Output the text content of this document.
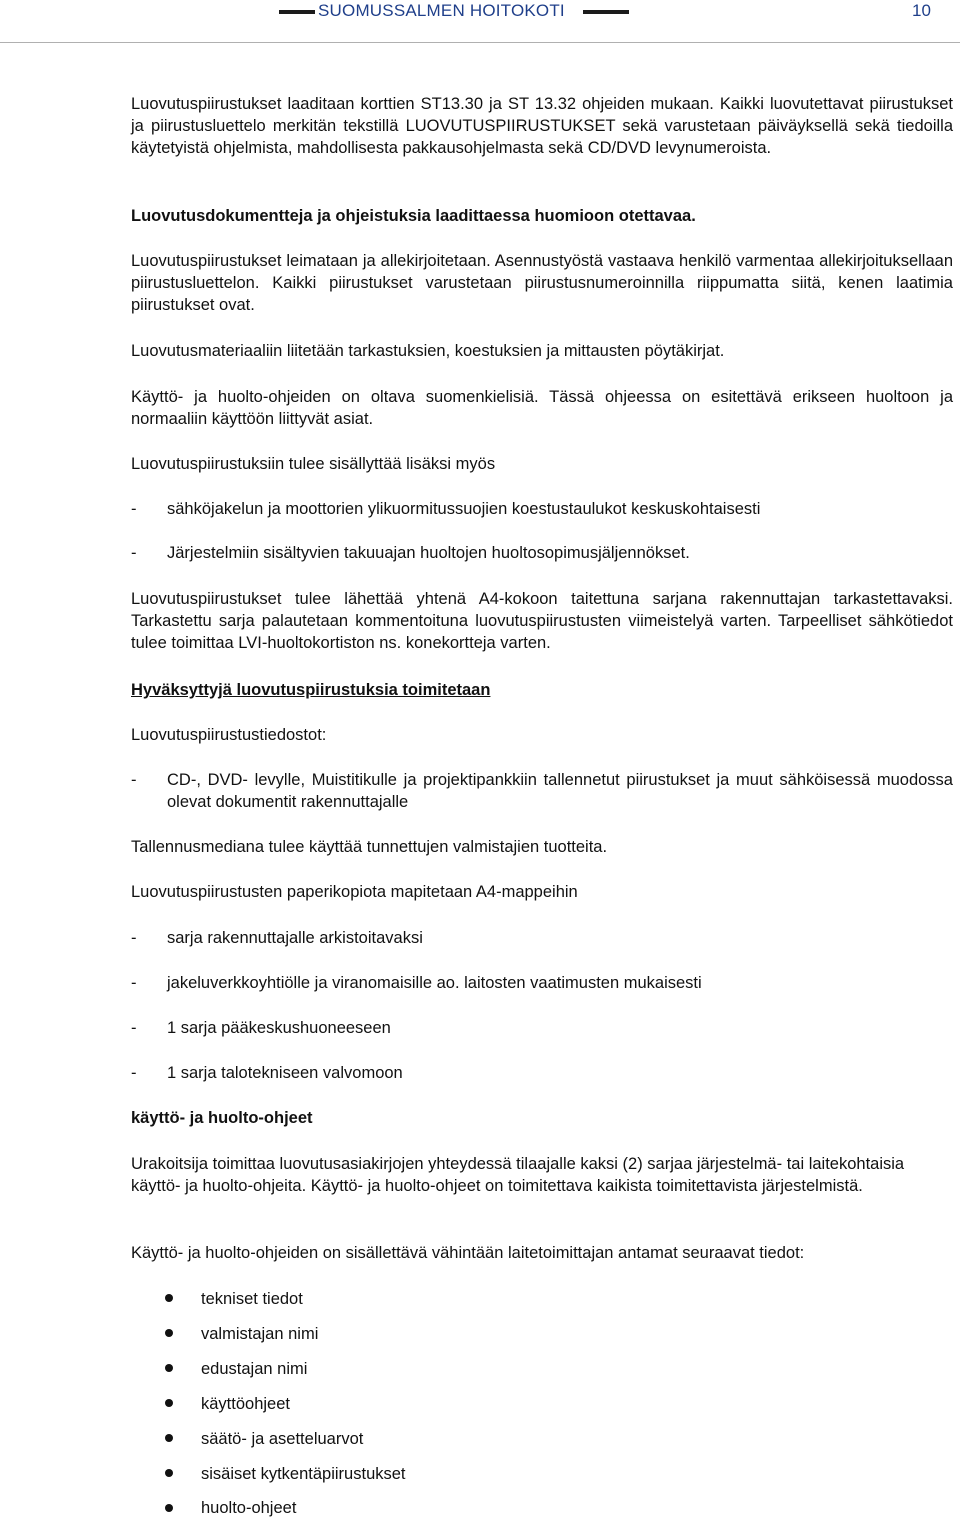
SUOMUSSALMEN HOITOKOTI	10

Luovutuspiirustukset laaditaan korttien ST13.30 ja ST 13.32 ohjeiden mukaan. Kaikki luovutettavat piirustukset ja piirustusluettelo merkitän tekstillä LUOVUTUSPIIRUSTUKSET sekä varustetaan päiväyksellä sekä tiedoilla käytetyistä ohjelmista, mahdollisesta pakkausohjelmasta sekä CD/DVD levynumeroista.

Luovutusdokumentteja ja ohjeistuksia laadittaessa huomioon otettavaa.

Luovutuspiirustukset leimataan ja allekirjoitetaan. Asennustyöstä vastaava henkilö varmentaa allekirjoituksellaan piirustusluettelon. Kaikki piirustukset varustetaan piirustusnumeroinnilla riippumatta siitä, kenen laatimia piirustukset ovat.

Luovutusmateriaaliin liitetään tarkastuksien, koestuksien ja mittausten pöytäkirjat.

Käyttö- ja huolto-ohjeiden on oltava suomenkielisiä. Tässä ohjeessa on esitettävä erikseen huoltoon ja normaaliin käyttöön liittyvät asiat.

Luovutuspiirustuksiin tulee sisällyttää lisäksi myös

- sähköjakelun ja moottorien ylikuormitussuojien koestustaulukot keskuskohtaisesti

- Järjestelmiin sisältyvien takuuajan huoltojen huoltosopimusjäljennökset.

Luovutuspiirustukset tulee lähettää yhtenä A4-kokoon taitettuna sarjana rakennuttajan tarkastettavaksi. Tarkastettu sarja palautetaan kommentoituna luovutuspiirustusten viimeistelyä varten. Tarpeelliset sähkötiedot tulee toimittaa LVI-huoltokortiston ns. konekortteja varten.

Hyväksyttyjä luovutuspiirustuksia toimitetaan

Luovutuspiirustustiedostot:

- CD-, DVD- levylle, Muistitikulle ja projektipankkiin tallennetut piirustukset ja muut sähköisessä muodossa olevat dokumentit rakennuttajalle

Tallennusmediana tulee käyttää tunnettujen valmistajien tuotteita.

Luovutuspiirustusten paperikopiota mapitetaan A4-mappeihin

- sarja rakennuttajalle arkistoitavaksi

- jakeluverkkoyhtiölle ja viranomaisille ao. laitosten vaatimusten mukaisesti

- 1 sarja pääkeskushuoneeseen

- 1 sarja talotekniseen valvomoon

käyttö- ja huolto-ohjeet

Urakoitsija toimittaa luovutusasiakirjojen yhteydessä tilaajalle kaksi (2) sarjaa järjestelmä- tai laitekohtaisia käyttö- ja huolto-ohjeita. Käyttö- ja huolto-ohjeet on toimitettava kaikista toimitettavista järjestelmistä.

Käyttö- ja huolto-ohjeiden on sisällettävä vähintään laitetoimittajan antamat seuraavat tiedot:

tekniset tiedot

valmistajan nimi

edustajan nimi

käyttöohjeet

säätö- ja asetteluarvot

sisäiset kytkentäpiirustukset

huolto-ohjeet
